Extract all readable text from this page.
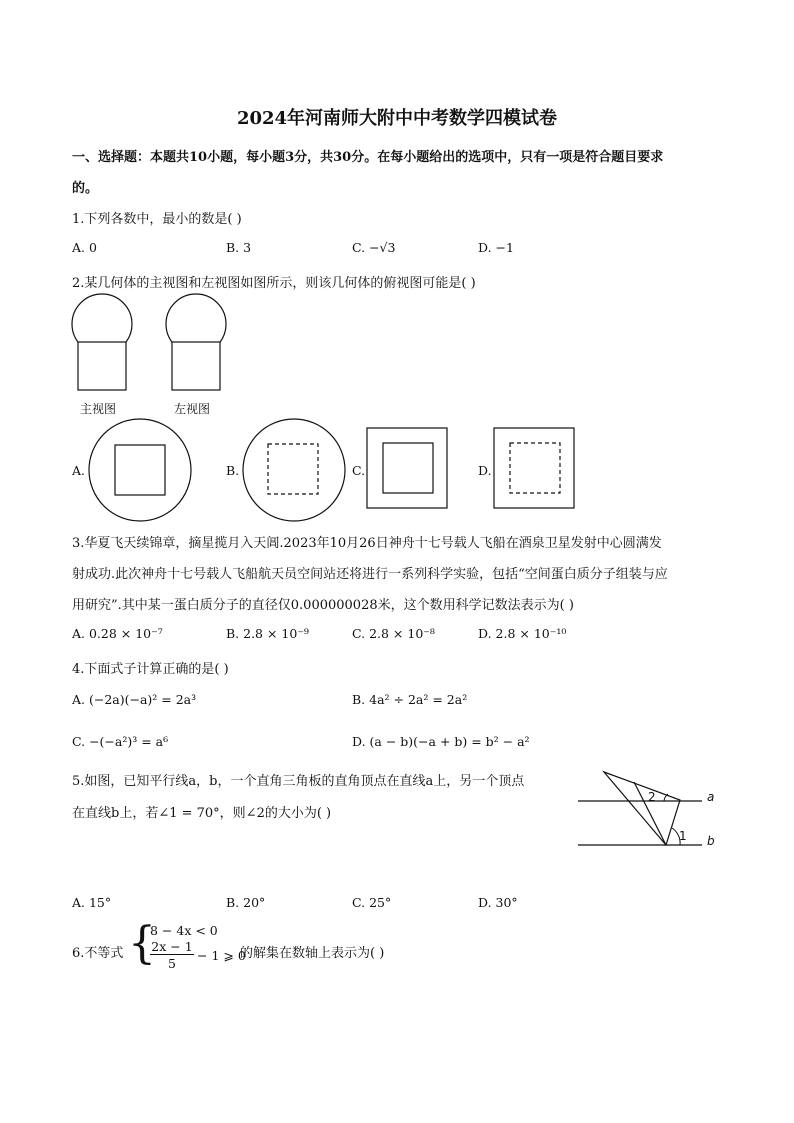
2024年河南师大附中中考数学四模试卷
一、选择题：本题共10小题，每小题3分，共30分。在每小题给出的选项中，只有一项是符合题目要求
的。
1.下列各数中，最小的数是( )
A. 0	B. 3	C. −√3	D. −1
2.某几何体的主视图和左视图如图所示，则该几何体的俯视图可能是( )
主视图	左视图
A.	B.	C.	D.
3.华夏飞天续锦章，摘星揽月入天阊.2023年10月26日神舟十七号载人飞船在酒泉卫星发射中心圆满发
射成功.此次神舟十七号载人飞船航天员空间站还将进行一系列科学实验，包括“空间蛋白质分子组装与应
用研究”.其中某一蛋白质分子的直径仅0.000000028米，这个数用科学记数法表示为( )
A. 0.28 × 10⁻⁷	B. 2.8 × 10⁻⁹	C. 2.8 × 10⁻⁸	D. 2.8 × 10⁻¹⁰
4.下面式子计算正确的是( )
A. (−2a)(−a)² = 2a³	B. 4a² ÷ 2a² = 2a²
C. −(−a²)³ = a⁶	D. (a − b)(−a + b) = b² − a²
5.如图，已知平行线a，b，一个直角三角板的直角顶点在直线a上，另一个顶点
在直线b上，若∠1 = 70°，则∠2的大小为( )
a
b
1
2
A. 15°	B. 20°	C. 25°	D. 30°
6.不等式 {
8 − 4x < 0
2x − 1
5
− 1 ⩾ 0
的解集在数轴上表示为( )
